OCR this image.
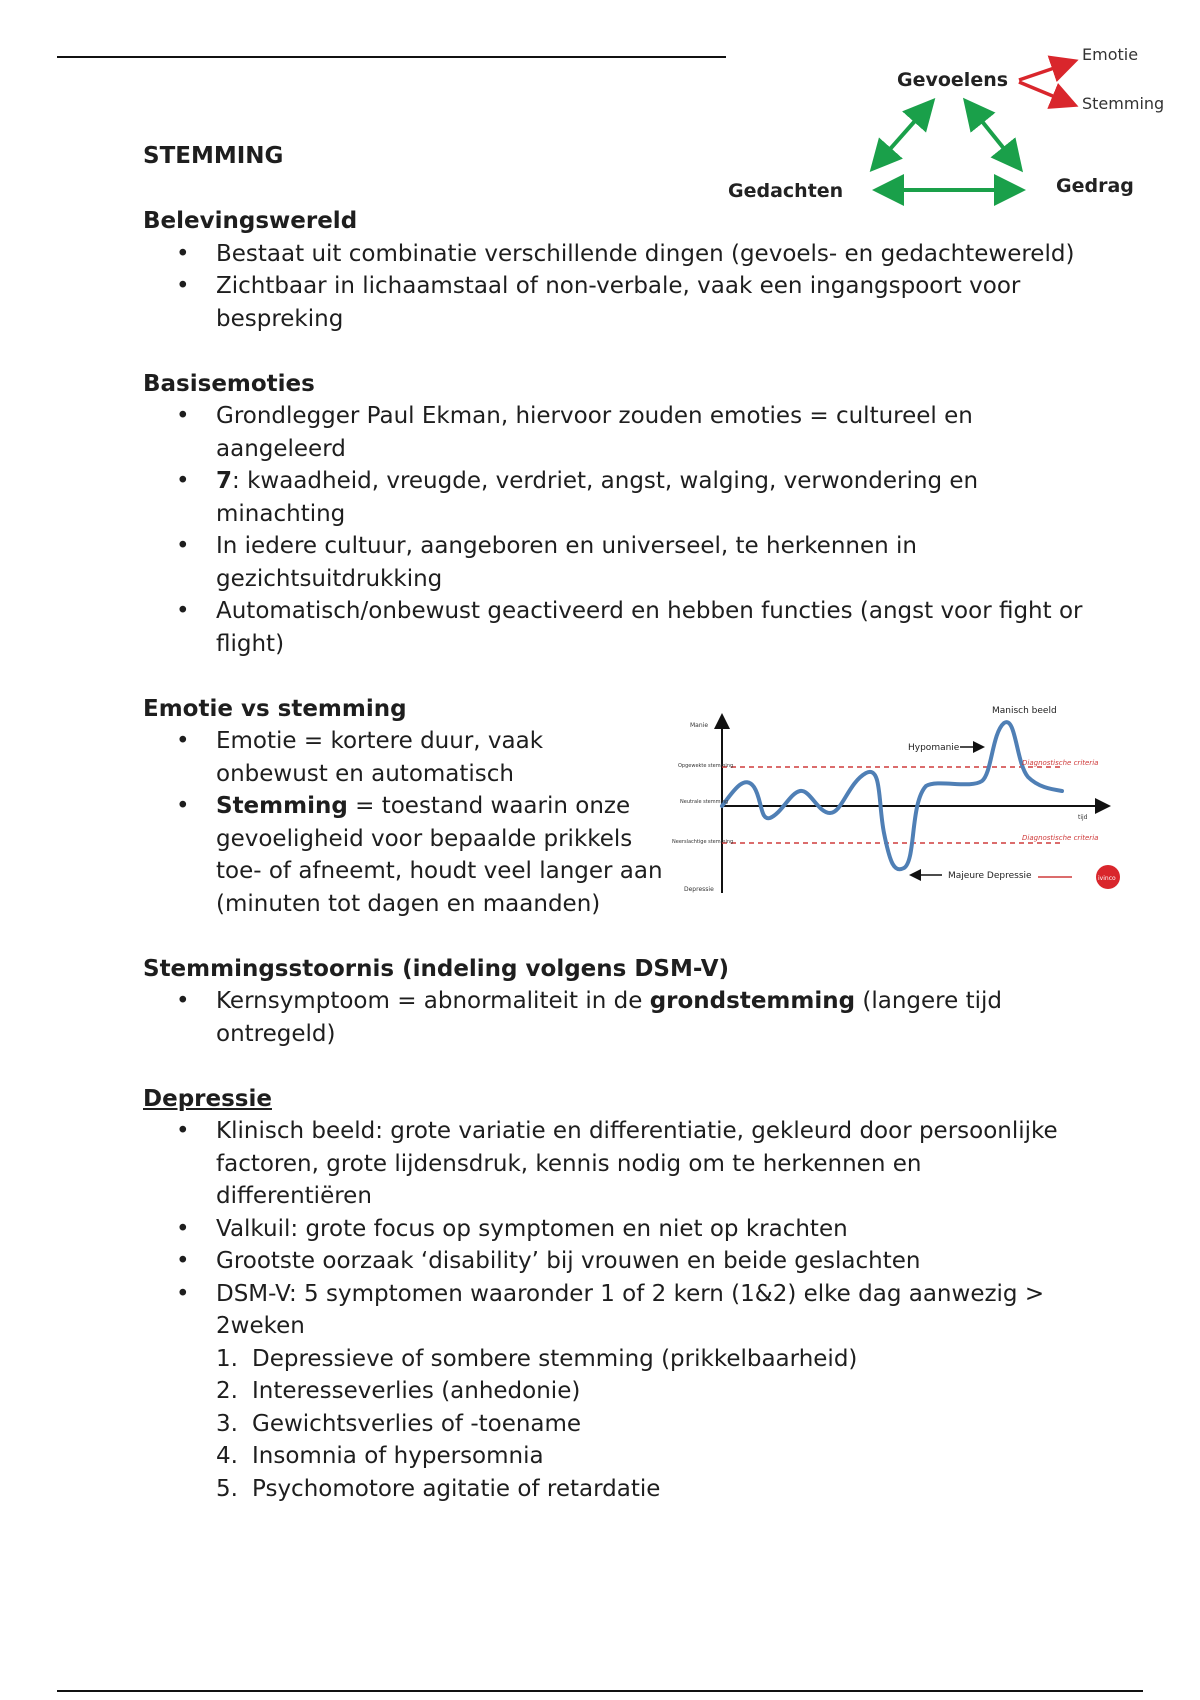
Gevoelens
Gedachten	Gedrag
Emotie
Stemming
Manie
Opgewekte stemming
Neutrale stemming
Neerslachtige stemming
Depressie
tijd
Manisch beeld
Hypomanie
Majeure Depressie
Diagnostische criteria
Diagnostische criteria
ivinco
STEMMING
Belevingswereld
• Bestaat uit combinatie verschillende dingen (gevoels- en gedachtewereld)
• Zichtbaar in lichaamstaal of non-verbale, vaak een ingangspoort voor bespreking
Basisemoties
• Grondlegger Paul Ekman, hiervoor zouden emoties = cultureel en aangeleerd
• 7: kwaadheid, vreugde, verdriet, angst, walging, verwondering en minachting
• In iedere cultuur, aangeboren en universeel, te herkennen in gezichtsuitdrukking
• Automatisch/onbewust geactiveerd en hebben functies (angst voor fight or flight)
Emotie vs stemming
• Emotie = kortere duur, vaak onbewust en automatisch
• Stemming = toestand waarin onze gevoeligheid voor bepaalde prikkels toe- of afneemt, houdt veel langer aan (minuten tot dagen en maanden)
Stemmingsstoornis (indeling volgens DSM-V)
• Kernsymptoom = abnormaliteit in de grondstemming (langere tijd ontregeld)
Depressie
• Klinisch beeld: grote variatie en differentiatie, gekleurd door persoonlijke factoren, grote lijdensdruk, kennis nodig om te herkennen en differentiëren
• Valkuil: grote focus op symptomen en niet op krachten
• Grootste oorzaak ‘disability’ bij vrouwen en beide geslachten
• DSM-V: 5 symptomen waaronder 1 of 2 kern (1&2) elke dag aanwezig > 2weken
1. Depressieve of sombere stemming (prikkelbaarheid)
2. Interesseverlies (anhedonie)
3. Gewichtsverlies of -toename
4. Insomnia of hypersomnia
5. Psychomotore agitatie of retardatie
